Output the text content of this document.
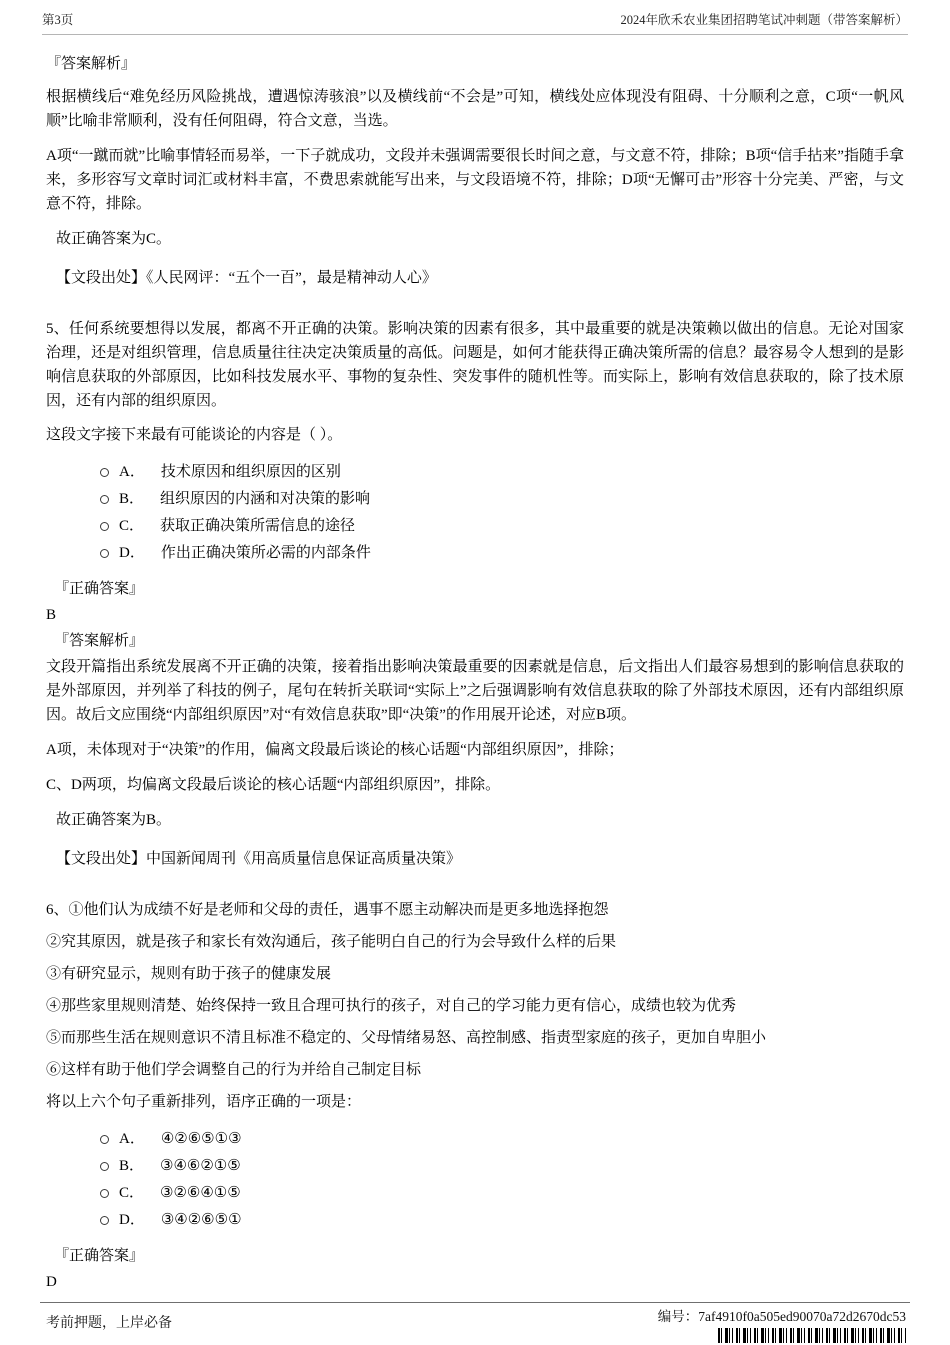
第3页	2024年欣禾农业集团招聘笔试冲刺题（带答案解析）

『答案解析』

根据横线后“难免经历风险挑战，遭遇惊涛骇浪”以及横线前“不会是”可知，横线处应体现没有阻碍、十分顺利之意，C项“一帆风顺”比喻非常顺利，没有任何阻碍，符合文意，当选。

A项“一蹴而就”比喻事情轻而易举，一下子就成功，文段并未强调需要很长时间之意，与文意不符，排除；B项“信手拈来”指随手拿来，多形容写文章时词汇或材料丰富，不费思索就能写出来，与文段语境不符，排除；D项“无懈可击”形容十分完美、严密，与文意不符，排除。

故正确答案为C。

【文段出处】《人民网评：“五个一百”，最是精神动人心》

5、任何系统要想得以发展，都离不开正确的决策。影响决策的因素有很多，其中最重要的就是决策赖以做出的信息。无论对国家治理，还是对组织管理，信息质量往往决定决策质量的高低。问题是，如何才能获得正确决策所需的信息？最容易令人想到的是影响信息获取的外部原因，比如科技发展水平、事物的复杂性、突发事件的随机性等。而实际上，影响有效信息获取的，除了技术原因，还有内部的组织原因。

这段文字接下来最有可能谈论的内容是（ ）。

A． 技术原因和组织原因的区别
B． 组织原因的内涵和对决策的影响
C． 获取正确决策所需信息的途径
D． 作出正确决策所必需的内部条件

『正确答案』

B

『答案解析』

文段开篇指出系统发展离不开正确的决策，接着指出影响决策最重要的因素就是信息，后文指出人们最容易想到的影响信息获取的是外部原因，并列举了科技的例子，尾句在转折关联词“实际上”之后强调影响有效信息获取的除了外部技术原因，还有内部组织原因。故后文应围绕“内部组织原因”对“有效信息获取”即“决策”的作用展开论述，对应B项。

A项，未体现对于“决策”的作用，偏离文段最后谈论的核心话题“内部组织原因”，排除；

C、D两项，均偏离文段最后谈论的核心话题“内部组织原因”，排除。

故正确答案为B。

【文段出处】中国新闻周刊《用高质量信息保证高质量决策》

6、①他们认为成绩不好是老师和父母的责任，遇事不愿主动解决而是更多地选择抱怨

②究其原因，就是孩子和家长有效沟通后，孩子能明白自己的行为会导致什么样的后果

③有研究显示，规则有助于孩子的健康发展

④那些家里规则清楚、始终保持一致且合理可执行的孩子，对自己的学习能力更有信心，成绩也较为优秀

⑤而那些生活在规则意识不清且标准不稳定的、父母情绪易怒、高控制感、指责型家庭的孩子，更加自卑胆小

⑥这样有助于他们学会调整自己的行为并给自己制定目标

将以上六个句子重新排列，语序正确的一项是：

A． ④②⑥⑤①③
B． ③④⑥②①⑤
C． ③②⑥④①⑤
D． ③④②⑥⑤①

『正确答案』

D

考前押题，上岸必备	编号：7af4910f0a505ed90070a72d2670dc53
